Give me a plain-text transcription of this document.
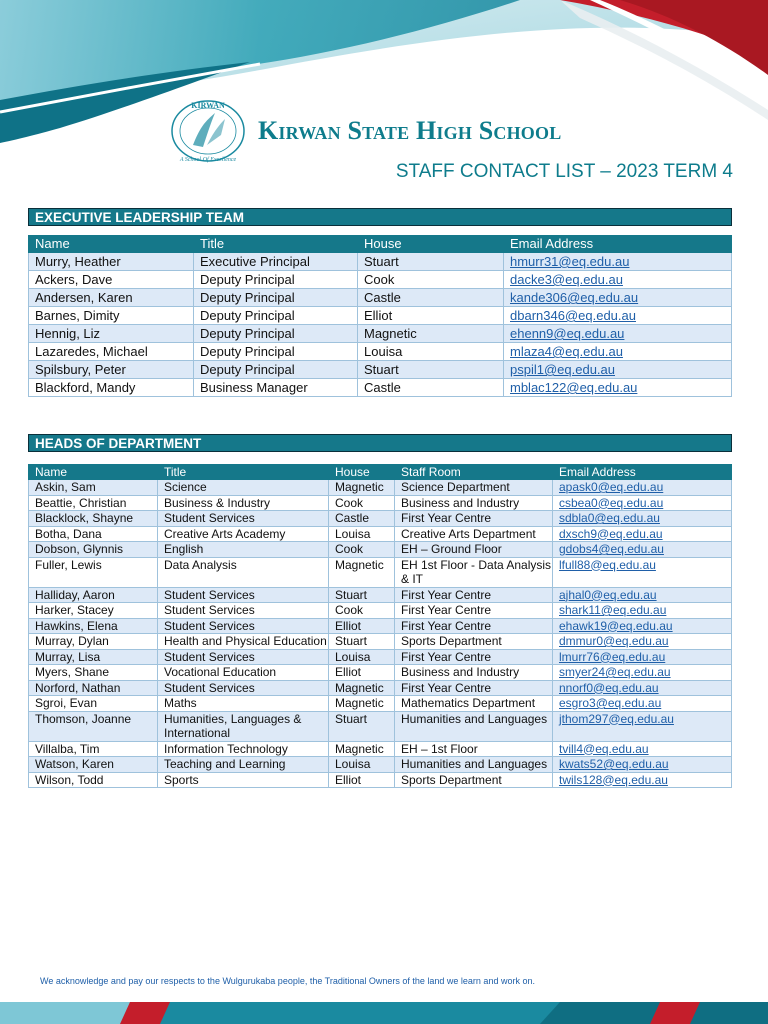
KIRWAN
A School Of Excellence
Kirwan State High School
STAFF CONTACT LIST – 2023 TERM 4
EXECUTIVE LEADERSHIP TEAM
Name	Title	House	Email Address
Murry, Heather	Executive Principal	Stuart	hmurr31@eq.edu.au
Ackers, Dave	Deputy Principal	Cook	dacke3@eq.edu.au
Andersen, Karen	Deputy Principal	Castle	kande306@eq.edu.au
Barnes, Dimity	Deputy Principal	Elliot	dbarn346@eq.edu.au
Hennig, Liz	Deputy Principal	Magnetic	ehenn9@eq.edu.au
Lazaredes, Michael	Deputy Principal	Louisa	mlaza4@eq.edu.au
Spilsbury, Peter	Deputy Principal	Stuart	pspil1@eq.edu.au
Blackford, Mandy	Business Manager	Castle	mblac122@eq.edu.au
HEADS OF DEPARTMENT
Name	Title	House	Staff Room	Email Address
Askin, Sam	Science	Magnetic	Science Department	apask0@eq.edu.au
Beattie, Christian	Business & Industry	Cook	Business and Industry	csbea0@eq.edu.au
Blacklock, Shayne	Student Services	Castle	First Year Centre	sdbla0@eq.edu.au
Botha, Dana	Creative Arts Academy	Louisa	Creative Arts Department	dxsch9@eq.edu.au
Dobson, Glynnis	English	Cook	EH – Ground Floor	gdobs4@eq.edu.au
Fuller, Lewis	Data Analysis	Magnetic	EH 1st Floor - Data Analysis & IT	lfull88@eq.edu.au
Halliday, Aaron	Student Services	Stuart	First Year Centre	ajhal0@eq.edu.au
Harker, Stacey	Student Services	Cook	First Year Centre	shark11@eq.edu.au
Hawkins, Elena	Student Services	Elliot	First Year Centre	ehawk19@eq.edu.au
Murray, Dylan	Health and Physical Education	Stuart	Sports Department	dmmur0@eq.edu.au
Murray, Lisa	Student Services	Louisa	First Year Centre	lmurr76@eq.edu.au
Myers, Shane	Vocational Education	Elliot	Business and Industry	smyer24@eq.edu.au
Norford, Nathan	Student Services	Magnetic	First Year Centre	nnorf0@eq.edu.au
Sgroi, Evan	Maths	Magnetic	Mathematics Department	esgro3@eq.edu.au
Thomson, Joanne	Humanities, Languages & International	Stuart	Humanities and Languages	jthom297@eq.edu.au
Villalba, Tim	Information Technology	Magnetic	EH – 1st Floor	tvill4@eq.edu.au
Watson, Karen	Teaching and Learning	Louisa	Humanities and Languages	kwats52@eq.edu.au
Wilson, Todd	Sports	Elliot	Sports Department	twils128@eq.edu.au
We acknowledge and pay our respects to the Wulgurukaba people, the Traditional Owners of the land we learn and work on.
